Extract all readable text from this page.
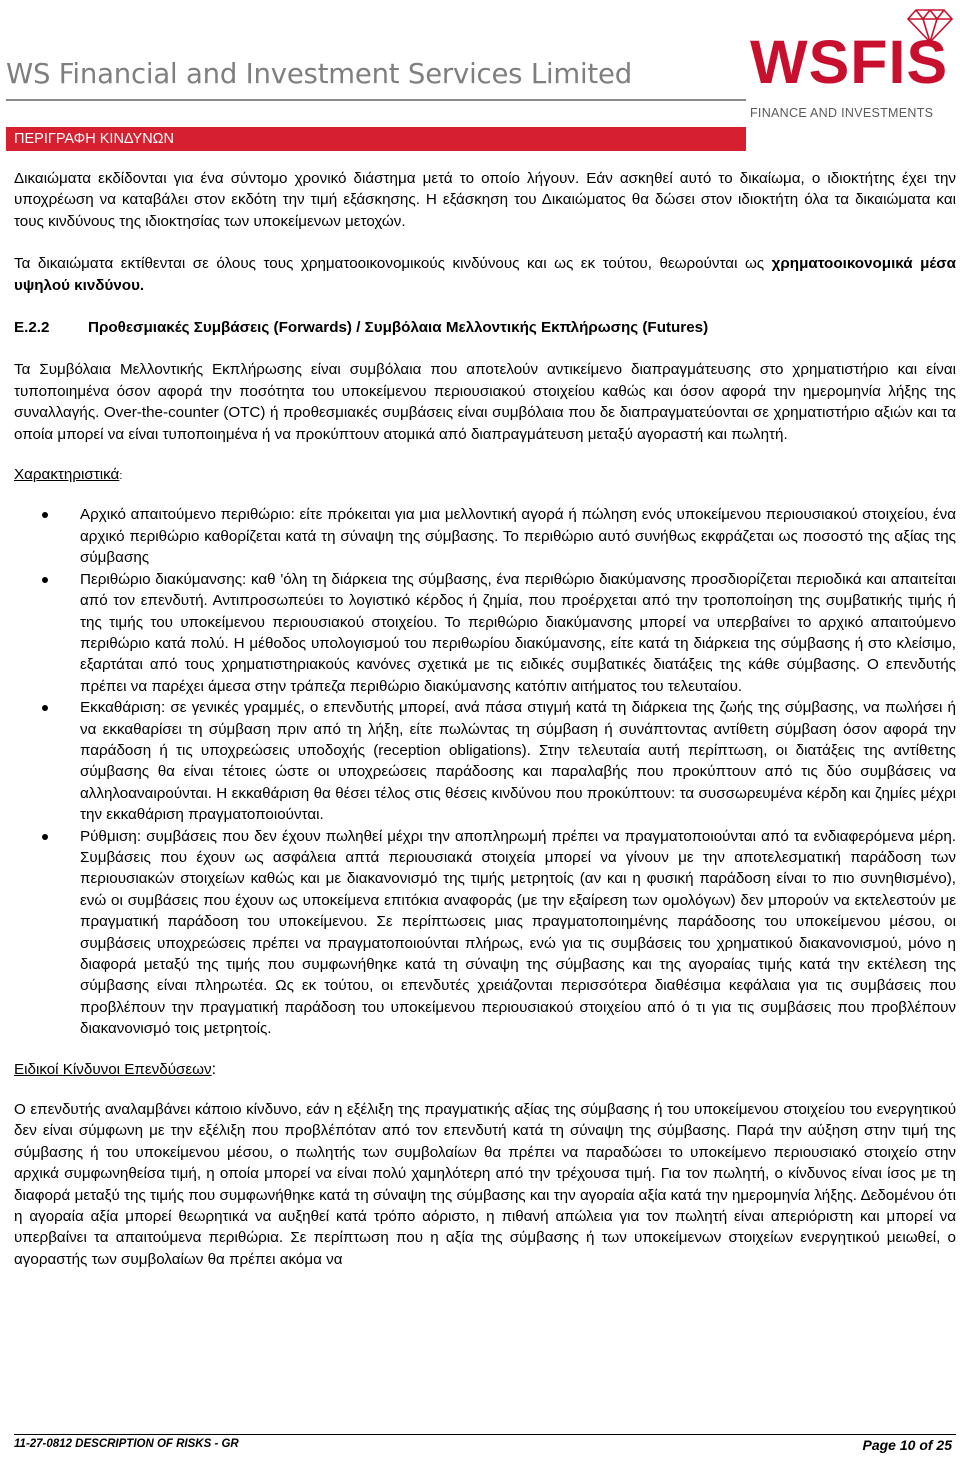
WS Financial and Investment Services Limited WSFIS
FINANCE AND INVESTMENTS
ΠΕΡΙΓΡΑΦΗ ΚΙΝΔΥΝΩΝ

Δικαιώματα εκδίδονται για ένα σύντομο χρονικό διάστημα μετά το οποίο λήγουν. Εάν ασκηθεί αυτό το δικαίωμα, ο ιδιοκτήτης έχει την υποχρέωση να καταβάλει στον εκδότη την τιμή εξάσκησης. Η εξάσκηση του Δικαιώματος θα δώσει στον ιδιοκτήτη όλα τα δικαιώματα και τους κινδύνους της ιδιοκτησίας των υποκείμενων μετοχών.

Τα δικαιώματα εκτίθενται σε όλους τους χρηματοοικονομικούς κινδύνους και ως εκ τούτου, θεωρούνται ως χρηματοοικονομικά μέσα υψηλού κινδύνου.

E.2.2	Προθεσμιακές Συμβάσεις (Forwards) / Συμβόλαια Μελλοντικής Εκπλήρωσης (Futures)

Τα Συμβόλαια Μελλοντικής Εκπλήρωσης είναι συμβόλαια που αποτελούν αντικείμενο διαπραγμάτευσης στο χρηματιστήριο και είναι τυποποιημένα όσον αφορά την ποσότητα του υποκείμενου περιουσιακού στοιχείου καθώς και όσον αφορά την ημερομηνία λήξης της συναλλαγής. Over-the-counter (OTC) ή προθεσμιακές συμβάσεις είναι συμβόλαια που δε διαπραγματεύονται σε χρηματιστήριο αξιών και τα οποία μπορεί να είναι τυποποιημένα ή να προκύπτουν ατομικά από διαπραγμάτευση μεταξύ αγοραστή και πωλητή.

Χαρακτηριστικά:

Αρχικό απαιτούμενο περιθώριο: είτε πρόκειται για μια μελλοντική αγορά ή πώληση ενός υποκείμενου περιουσιακού στοιχείου, ένα αρχικό περιθώριο καθορίζεται κατά τη σύναψη της σύμβασης. Το περιθώριο αυτό συνήθως εκφράζεται ως ποσοστό της αξίας της σύμβασης

Περιθώριο διακύμανσης: καθ 'όλη τη διάρκεια της σύμβασης, ένα περιθώριο διακύμανσης προσδιορίζεται περιοδικά και απαιτείται από τον επενδυτή. Αντιπροσωπεύει το λογιστικό κέρδος ή ζημία, που προέρχεται από την τροποποίηση της συμβατικής τιμής ή της τιμής του υποκείμενου περιουσιακού στοιχείου. Το περιθώριο διακύμανσης μπορεί να υπερβαίνει το αρχικό απαιτούμενο περιθώριο κατά πολύ. Η μέθοδος υπολογισμού του περιθωρίου διακύμανσης, είτε κατά τη διάρκεια της σύμβασης ή στο κλείσιμο, εξαρτάται από τους χρηματιστηριακούς κανόνες σχετικά με τις ειδικές συμβατικές διατάξεις της κάθε σύμβασης. Ο επενδυτής πρέπει να παρέχει άμεσα στην τράπεζα περιθώριο διακύμανσης κατόπιν αιτήματος του τελευταίου.

Εκκαθάριση: σε γενικές γραμμές, ο επενδυτής μπορεί, ανά πάσα στιγμή κατά τη διάρκεια της ζωής της σύμβασης, να πωλήσει ή να εκκαθαρίσει τη σύμβαση πριν από τη λήξη, είτε πωλώντας τη σύμβαση ή συνάπτοντας αντίθετη σύμβαση όσον αφορά την παράδοση ή τις υποχρεώσεις υποδοχής (reception obligations). Στην τελευταία αυτή περίπτωση, οι διατάξεις της αντίθετης σύμβασης θα είναι τέτοιες ώστε οι υποχρεώσεις παράδοσης και παραλαβής που προκύπτουν από τις δύο συμβάσεις να αλληλοαναιρούνται. Η εκκαθάριση θα θέσει τέλος στις θέσεις κινδύνου που προκύπτουν: τα συσσωρευμένα κέρδη και ζημίες μέχρι την εκκαθάριση πραγματοποιούνται.

Ρύθμιση: συμβάσεις που δεν έχουν πωληθεί μέχρι την αποπληρωμή πρέπει να πραγματοποιούνται από τα ενδιαφερόμενα μέρη. Συμβάσεις που έχουν ως ασφάλεια απτά περιουσιακά στοιχεία μπορεί να γίνουν με την αποτελεσματική παράδοση των περιουσιακών στοιχείων καθώς και με διακανονισμό της τιμής μετρητοίς (αν και η φυσική παράδοση είναι το πιο συνηθισμένο), ενώ οι συμβάσεις που έχουν ως υποκείμενα επιτόκια αναφοράς (με την εξαίρεση των ομολόγων) δεν μπορούν να εκτελεστούν με πραγματική παράδοση του υποκείμενου. Σε περίπτωσεις μιας πραγματοποιημένης παράδοσης του υποκείμενου μέσου, οι συμβάσεις υποχρεώσεις πρέπει να πραγματοποιούνται πλήρως, ενώ για τις συμβάσεις του χρηματικού διακανονισμού, μόνο η διαφορά μεταξύ της τιμής που συμφωνήθηκε κατά τη σύναψη της σύμβασης και της αγοραίας τιμής κατά την εκτέλεση της σύμβασης είναι πληρωτέα. Ως εκ τούτου, οι επενδυτές χρειάζονται περισσότερα διαθέσιμα κεφάλαια για τις συμβάσεις που προβλέπουν την πραγματική παράδοση του υποκείμενου περιουσιακού στοιχείου από ό τι για τις συμβάσεις που προβλέπουν διακανονισμό τοις μετρητοίς.

Ειδικοί Κίνδυνοι Επενδύσεων:

Ο επενδυτής αναλαμβάνει κάποιο κίνδυνο, εάν η εξέλιξη της πραγματικής αξίας της σύμβασης ή του υποκείμενου στοιχείου του ενεργητικού δεν είναι σύμφωνη με την εξέλιξη που προβλέπόταν από τον επενδυτή κατά τη σύναψη της σύμβασης. Παρά την αύξηση στην τιμή της σύμβασης ή του υποκείμενου μέσου, ο πωλητής των συμβολαίων θα πρέπει να παραδώσει το υποκείμενο περιουσιακό στοιχείο στην αρχικά συμφωνηθείσα τιμή, η οποία μπορεί να είναι πολύ χαμηλότερη από την τρέχουσα τιμή. Για τον πωλητή, ο κίνδυνος είναι ίσος με τη διαφορά μεταξύ της τιμής που συμφωνήθηκε κατά τη σύναψη της σύμβασης και την αγοραία αξία κατά την ημερομηνία λήξης. Δεδομένου ότι η αγοραία αξία μπορεί θεωρητικά να αυξηθεί κατά τρόπο αόριστο, η πιθανή απώλεια για τον πωλητή είναι απεριόριστη και μπορεί να υπερβαίνει τα απαιτούμενα περιθώρια. Σε περίπτωση που η αξία της σύμβασης ή των υποκείμενων στοιχείων ενεργητικού μειωθεί, ο αγοραστής των συμβολαίων θα πρέπει ακόμα να

11-27-0812 DESCRIPTION OF RISKS - GR	Page 10 of 25
